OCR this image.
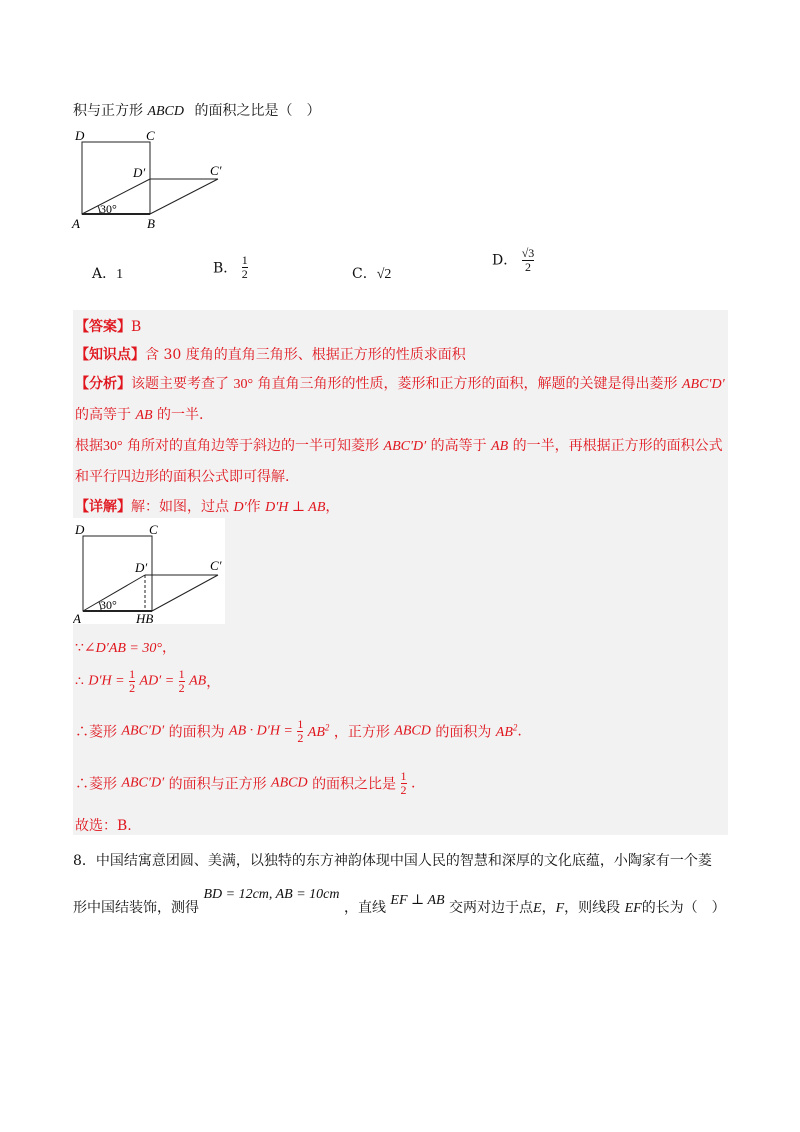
积与正方形 ABCD 的面积之比是（　）
D	C
D′	C′
A	B
30°
A．1	B． $\frac{1}{2}$	C．√2
D． $\frac{√3}{2}$
【答案】B
【知识点】含 30 度角的直角三角形、根据正方形的性质求面积
【分析】该题主要考查了 30° 角直角三角形的性质，菱形和正方形的面积，解题的关键是得出菱形 ABC′D′
的高等于 AB 的一半.
根据30° 角所对的直角边等于斜边的一半可知菱形 ABC′D′ 的高等于 AB 的一半，再根据正方形的面积公式
和平行四边形的面积公式即可得解.
【详解】解：如图，过点 D′作 D′H ⊥ AB，
D	C
D′	C′
A	HB
30°
∵∠D′AB = 30°，
∴ $D'H = \frac{1}{2} AD' = \frac{1}{2}$ AB，
∴菱形 ABC′D′ 的面积为 AB · $D'H = \frac{1}{2} AB^2$ ，正方形 ABCD 的面积为 $AB^2$.
∴菱形 ABC′D′ 的面积与正方形 ABCD 的面积之比是 $\frac{1}{2}$ .
故选：B.
8．中国结寓意团圆、美满，以独特的东方神韵体现中国人民的智慧和深厚的文化底蕴，小陶家有一个菱
形中国结装饰，测得 BD = 12cm, AB = 10cm ，直线 EF ⊥ AB 交两对边于点E，F，则线段 EF的长为（　）
